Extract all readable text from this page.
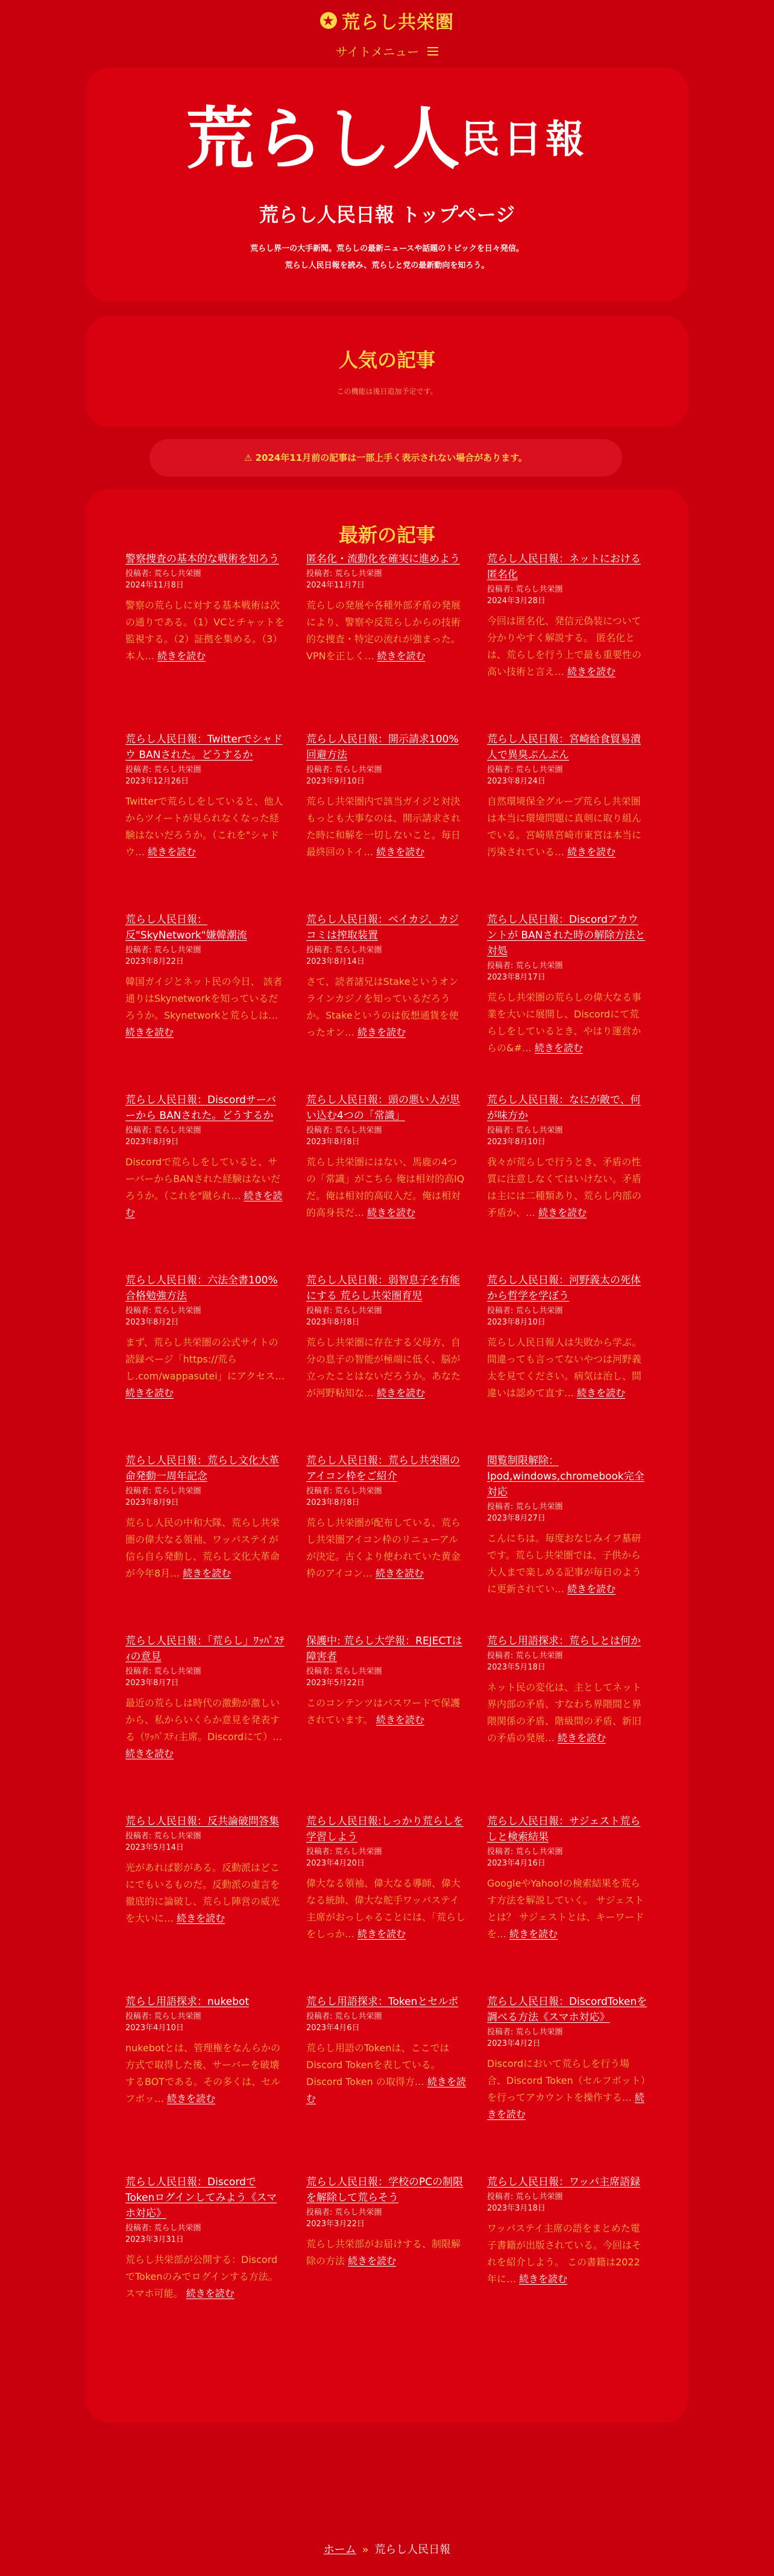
★
荒らし共栄圏
サイトメニュー
荒らし人民日報
荒らし人民日報 トップページ
荒らし界一の大手新聞。荒らしの最新ニュースや話題のトピックを日々発信。
荒らし人民日報を読み、荒らしと党の最新動向を知ろう。
人気の記事

この機能は後日追加予定です。

⚠ 2024年11月前の記事は一部上手く表示されない場合があります。
最新の記事
警察捜査の基本的な戦術を知ろう
投稿者: 荒らし共栄圏
2024年11月8日
警察の荒らしに対する基本戦術は次の通りである。（1）VCとチャットを監視する。（2）証拠を集める。（3）本人… 続きを読む
匿名化・流動化を確実に進めよう
投稿者: 荒らし共栄圏
2024年11月7日
荒らしの発展や各種外部矛盾の発展により、警察や反荒らしからの技術的な捜査・特定の流れが強まった。VPNを正しく… 続きを読む
荒らし人民日報：ネットにおける匿名化
投稿者: 荒らし共栄圏
2024年3月28日
今回は匿名化、発信元偽装について分かりやすく解説する。 匿名化とは、荒らしを行う上で最も重要性の高い技術と言え… 続きを読む
荒らし人民日報：Twitterでシャドウ BANされた。どうするか
投稿者: 荒らし共栄圏
2023年12月26日
Twitterで荒らしをしていると、他人からツイートが見られなくなった経験はないだろうか。（これを"シャドウ… 続きを読む
荒らし人民日報：開示請求100%回避方法
投稿者: 荒らし共栄圏
2023年9月10日
荒らし共栄圏内で該当ガイジと対決 もっとも大事なのは、開示請求された時に和解を一切しないこと。毎日最終回のトイ… 続きを読む
荒らし人民日報：宮崎給食貿易潰人で異臭ぷんぷん
投稿者: 荒らし共栄圏
2023年8月24日
自然環境保全グループ荒らし共栄圏は本当に環境問題に真剣に取り組んでいる。宮崎県宮崎市東宮は本当に汚染されている… 続きを読む
荒らし人民日報：反"SkyNetwork"嫌韓潮流
投稿者: 荒らし共栄圏
2023年8月22日
韓国ガイジとネット民の今日、 該者通りはSkynetworkを知っているだろうか。Skynetworkと荒らしは… 続きを読む
荒らし人民日報：ベイカジ、カジコミは搾取装置
投稿者: 荒らし共栄圏
2023年8月14日
さて、読者諸兄はStakeというオンラインカジノを知っているだろうか。Stakeというのは仮想通貨を使ったオン… 続きを読む
荒らし人民日報：Discordアカウントが BANされた時の解除方法と対処
投稿者: 荒らし共栄圏
2023年8月17日
荒らし共栄圏の荒らしの偉大なる事業を大いに展開し、Discordにて荒らしをしているとき、やはり運営からの&#… 続きを読む
荒らし人民日報：Discordサーバーから BANされた。どうするか
投稿者: 荒らし共栄圏
2023年8月9日
Discordで荒らしをしていると、サーバーからBANされた経験はないだろうか。（これを"蹴られ… 続きを読む
荒らし人民日報：頭の悪い人が思い込む4つの「常識」
投稿者: 荒らし共栄圏
2023年8月8日
荒らし共栄圏にはない、馬鹿の4つの「常識」がこちら 俺は相対的高IQだ。俺は相対的高収入だ。俺は相対的高身長だ… 続きを読む
荒らし人民日報：なにが敵で、何が味方か
投稿者: 荒らし共栄圏
2023年8月10日
我々が荒らしで行うとき、矛盾の性質に注意しなくてはいけない。矛盾は主には二種類あり、荒らし内部の矛盾か、… 続きを読む
荒らし人民日報：六法全書100%合格勉強方法
投稿者: 荒らし共栄圏
2023年8月2日
まず、荒らし共栄圏の公式サイトの読録ページ「https://荒らし.com/wappasutei」にアクセス… 続きを読む
荒らし人民日報：弱智息子を有能にする 荒らし共栄圏育児
投稿者: 荒らし共栄圏
2023年8月8日
荒らし共栄圏に存在する父母方、自分の息子の智能が極端に低く、脳が立ったことはないだろうか。あなたが河野粘知な… 続きを読む
荒らし人民日報：河野義太の死体から哲学を学ぼう
投稿者: 荒らし共栄圏
2023年8月10日
荒らし人民日報人は失敗から学ぶ。間違っても言ってないやつは河野義太を見てください。病気は治し、間違いは認めて直す… 続きを読む
荒らし人民日報：荒らし文化大革命発動一周年記念
投稿者: 荒らし共栄圏
2023年8月9日
荒らし人民の中和大隊、荒らし共栄圏の偉大なる領袖、ワッパステイが信ら自ら発動し、荒らし文化大革命が今年8月… 続きを読む
荒らし人民日報：荒らし共栄圏のアイコン枠をご紹介
投稿者: 荒らし共栄圏
2023年8月8日
荒らし共栄圏が配布している、荒らし共栄圏アイコン枠のリニューアルが決定。古くより使われていた黄金枠のアイコン… 続きを読む
閲覧制限解除：Ipod,windows,chromebook完全対応
投稿者: 荒らし共栄圏
2023年8月27日
こんにちは。毎度おなじみイフ墓研です。荒らし共栄圏では、子供から大人まで楽しめる記事が毎日のように更新されてい… 続きを読む
荒らし人民日報：「荒らし」ﾜｯﾊﾟｽﾃｨの意見
投稿者: 荒らし共栄圏
2023年8月7日
最近の荒らしは時代の激動が激しいから、私からいくらか意見を発表する（ﾜｯﾊﾟｽﾃｨ主席。Discordにて）… 続きを読む
保護中: 荒らし大学報：REJECTは障害者
投稿者: 荒らし共栄圏
2023年5月22日
このコンテンツはパスワードで保護されています。 続きを読む
荒らし用語探求：荒らしとは何か
投稿者: 荒らし共栄圏
2023年5月18日
ネット民の変化は、主としてネット界内部の矛盾、すなわち界隈間と界隈関係の矛盾、階級間の矛盾、新旧の矛盾の発展… 続きを読む
荒らし人民日報：反共論破問答集
投稿者: 荒らし共栄圏
2023年5月14日
光があれば影がある。反動派はどこにでもいるものだ。反動派の虚言を徹底的に論破し、荒らし陣営の威光を大いに… 続きを読む
荒らし人民日報:しっかり荒らしを学習しよう
投稿者: 荒らし共栄圏
2023年4月20日
偉大なる領袖、偉大なる導師、偉大なる統帥、偉大な舵手ワッパステイ主席がおっしゃることには、「荒らしをしっか… 続きを読む
荒らし人民日報：サジェスト荒らしと検索結果
投稿者: 荒らし共栄圏
2023年4月16日
GoogleやYahoo!の検索結果を荒らす方法を解説していく。 サジェストとは？ サジェストとは、キーワードを… 続きを読む
荒らし用語探求：nukebot
投稿者: 荒らし共栄圏
2023年4月10日
nukebotとは、管理権をなんらかの方式で取得した後、サーバーを破壊するBOTである。その多くは、セルフボッ… 続きを読む
荒らし用語探求：Tokenとセルボ
投稿者: 荒らし共栄圏
2023年4月6日
荒らし用語のTokenは、ここではDiscord Tokenを表している。 Discord Token の取得方… 続きを読む
荒らし人民日報：DiscordTokenを調べる方法《スマホ対応》
投稿者: 荒らし共栄圏
2023年4月2日
Discordにおいて荒らしを行う場合、Discord Token（セルフボット）を行ってアカウントを操作する… 続きを読む
荒らし人民日報：Discordで Tokenログインしてみよう《スマホ対応》
投稿者: 荒らし共栄圏
2023年3月31日
荒らし共栄部が公開する：DiscordでTokenのみでログインする方法。スマホ可能。 続きを読む
荒らし人民日報：学校のPCの制限を解除して荒らそう
投稿者: 荒らし共栄圏
2023年3月22日
荒らし共栄部がお届けする、制限解除の方法 続きを読む
荒らし人民日報：ワッパ主席語録
投稿者: 荒らし共栄圏
2023年3月18日
ワッパステイ主席の語をまとめた電子書籍が出版されている。今回はそれを紹介しよう。 この書籍は2022年に… 続きを読む
ホーム » 荒らし人民日報
